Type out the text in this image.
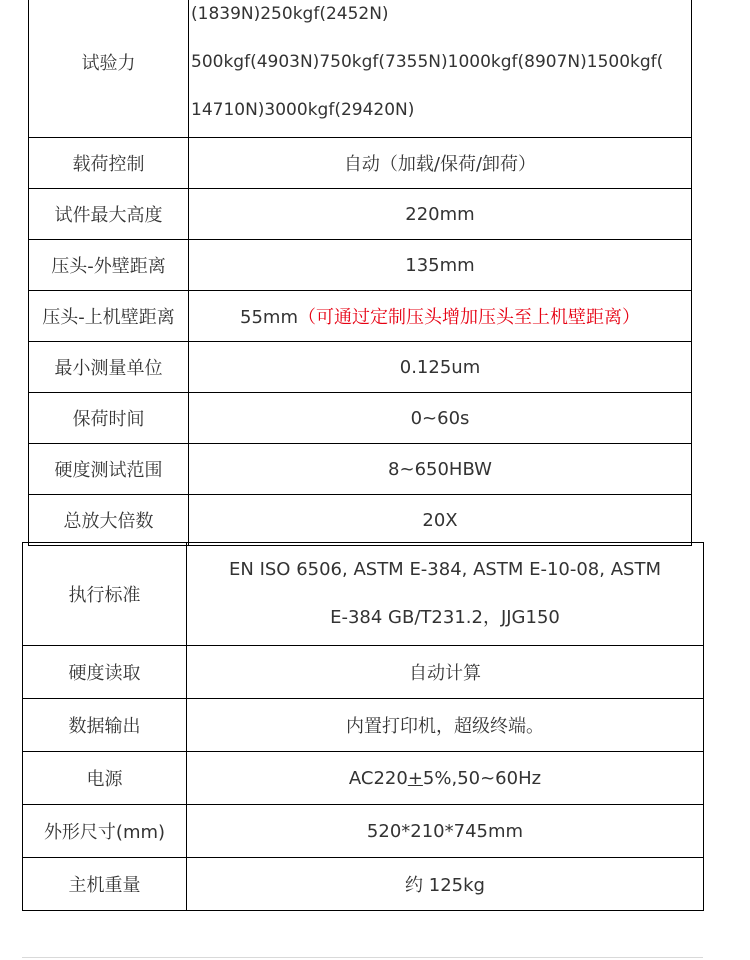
试验力	(1839N)250kgf(2452N)
500kgf(4903N)750kgf(7355N)1000kgf(8907N)1500kgf(
14710N)3000kgf(29420N)

载荷控制	自动（加载/保荷/卸荷）
试件最大高度	220mm
压头-外壁距离	135mm
压头-上机壁距离	55mm（可通过定制压头增加压头至上机壁距离）
最小测量单位	0.125um
保荷时间	0~60s
硬度测试范围	8~650HBW
总放大倍数	20X
执行标准	EN ISO 6506, ASTM E-384, ASTM E-10-08, ASTM
E-384 GB/T231.2，JJG150

硬度读取	自动计算
数据输出	内置打印机，超级终端。
电源	AC220+5%,50~60Hz
外形尺寸(mm)	520*210*745mm
主机重量	约 125kg
